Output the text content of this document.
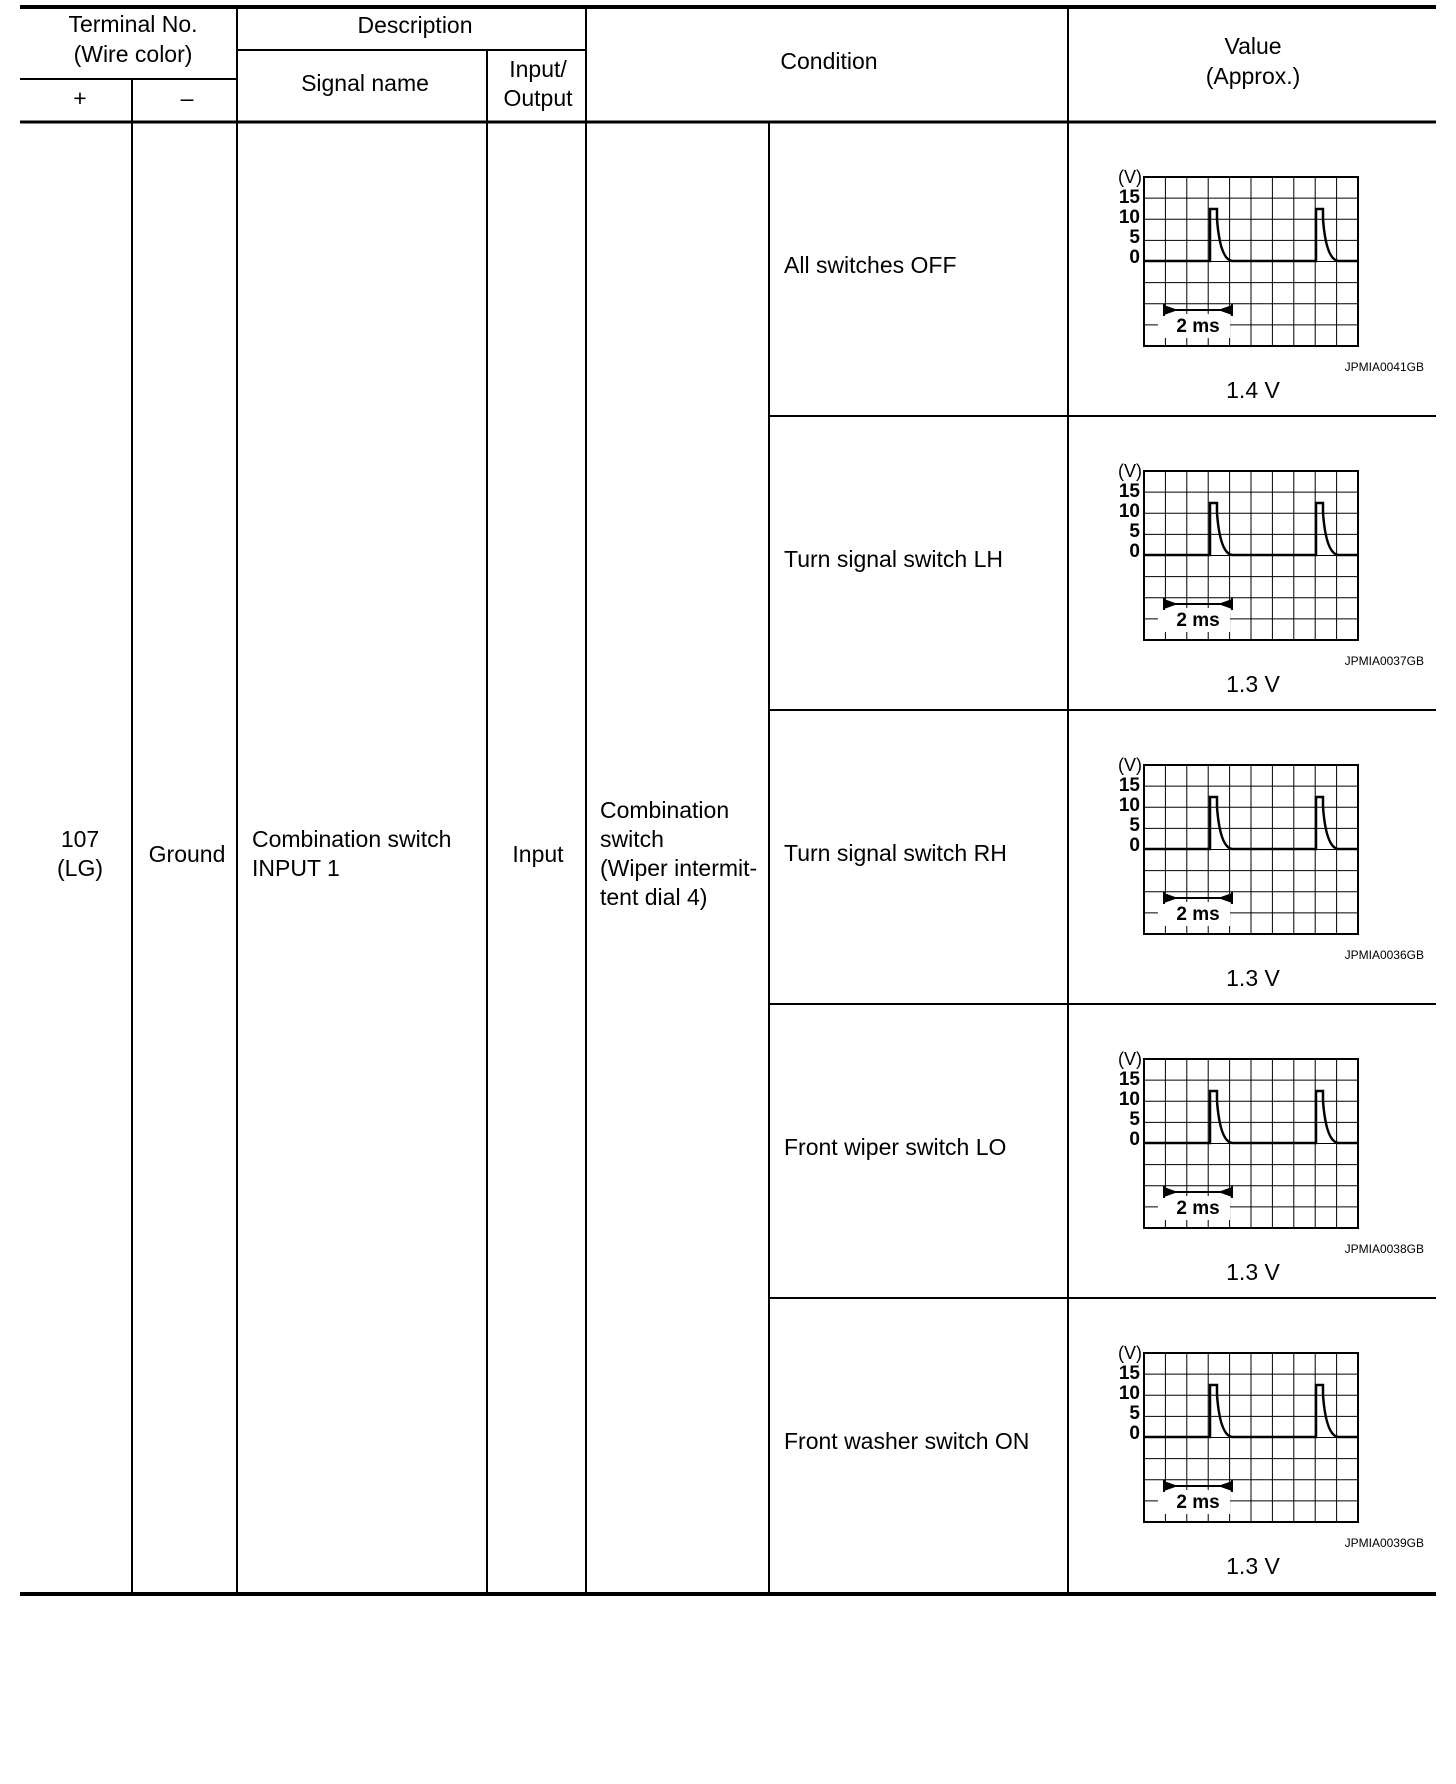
Terminal No.
(Wire color)
+	–
Description
Signal name
Input/
Output
Condition
Value
(Approx.)
107
(LG)
Ground
Combination switch
INPUT 1
Input
Combination
switch
(Wiper intermit-
tent dial 4)
All switches OFF
(V)
15
10
5
0
2 ms
JPMIA0041GB
1.4 V
Turn signal switch LH
(V)
15
10
5
0
2 ms
JPMIA0037GB
1.3 V
Turn signal switch RH
(V)
15
10
5
0
2 ms
JPMIA0036GB
1.3 V
Front wiper switch LO
(V)
15
10
5
0
2 ms
JPMIA0038GB
1.3 V
Front washer switch ON
(V)
15
10
5
0
2 ms
JPMIA0039GB
1.3 V
